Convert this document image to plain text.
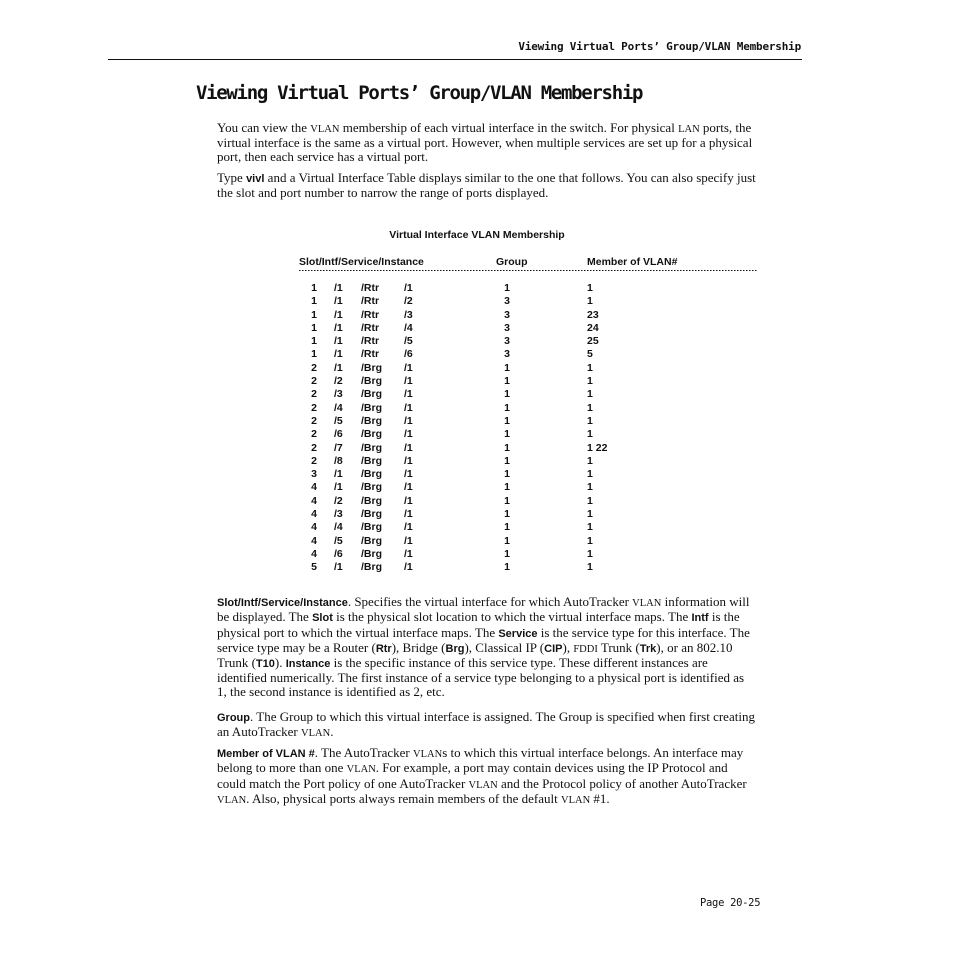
Viewing Virtual Ports’ Group/VLAN Membership
Viewing Virtual Ports’ Group/VLAN Membership

You can view the VLAN membership of each virtual interface in the switch. For physical LAN ports, the virtual interface is the same as a virtual port. However, when multiple services are set up for a physical port, then each service has a virtual port.

Type vivl and a Virtual Interface Table displays similar to the one that follows. You can also specify just the slot and port number to narrow the range of ports displayed.

Virtual Interface VLAN Membership
Slot/Intf/Service/Instance	Group	Member of VLAN#
1 /1 /Rtr /1	1	1
1 /1 /Rtr /2	3	1
1 /1 /Rtr /3	3	23
1 /1 /Rtr /4	3	24
1 /1 /Rtr /5	3	25
1 /1 /Rtr /6	3	5
2 /1 /Brg /1	1	1
2 /2 /Brg /1	1	1
2 /3 /Brg /1	1	1
2 /4 /Brg /1	1	1
2 /5 /Brg /1	1	1
2 /6 /Brg /1	1	1
2 /7 /Brg /1	1	1 22
2 /8 /Brg /1	1	1
3 /1 /Brg /1	1	1
4 /1 /Brg /1	1	1
4 /2 /Brg /1	1	1
4 /3 /Brg /1	1	1
4 /4 /Brg /1	1	1
4 /5 /Brg /1	1	1
4 /6 /Brg /1	1	1
5 /1 /Brg /1	1	1

Slot/Intf/Service/Instance. Specifies the virtual interface for which AutoTracker VLAN information will be displayed. The Slot is the physical slot location to which the virtual interface maps. The Intf is the physical port to which the virtual interface maps. The Service is the service type for this interface. The service type may be a Router (Rtr), Bridge (Brg), Classical IP (CIP), FDDI Trunk (Trk), or an 802.10 Trunk (T10). Instance is the specific instance of this service type. These different instances are identified numerically. The first instance of a service type belonging to a physical port is identified as 1, the second instance is identified as 2, etc.

Group. The Group to which this virtual interface is assigned. The Group is specified when first creating an AutoTracker VLAN.

Member of VLAN #. The AutoTracker VLANs to which this virtual interface belongs. An interface may belong to more than one VLAN. For example, a port may contain devices using the IP Protocol and could match the Port policy of one AutoTracker VLAN and the Protocol policy of another AutoTracker VLAN. Also, physical ports always remain members of the default VLAN #1.

Page 20-25
